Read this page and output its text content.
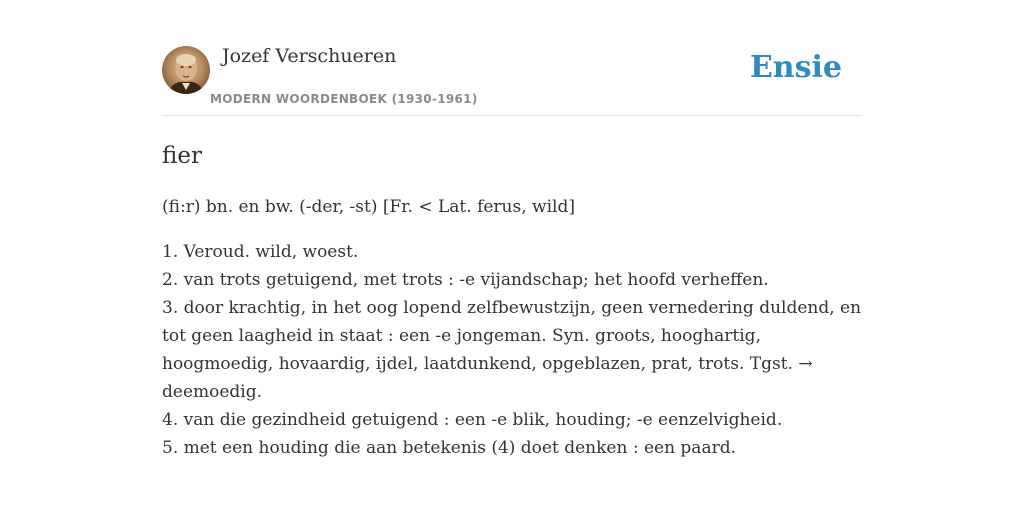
Jozef Verschueren
MODERN WOORDENBOEK (1930-1961)
Ensie
fier
(fi:r) bn. en bw. (-der, -st) [Fr. < Lat. ferus, wild]
1. Veroud. wild, woest.
2. van trots getuigend, met trots : -e vijandschap; het hoofd verheffen.
3. door krachtig, in het oog lopend zelfbewustzijn, geen vernedering duldend, en tot geen laagheid in staat : een -e jongeman. Syn. groots, hooghartig, hoogmoedig, hovaardig, ijdel, laatdunkend, opgeblazen, prat, trots. Tgst. → deemoedig.
4. van die gezindheid getuigend : een -e blik, houding; -e eenzelvigheid.
5. met een houding die aan betekenis (4) doet denken : een paard.
